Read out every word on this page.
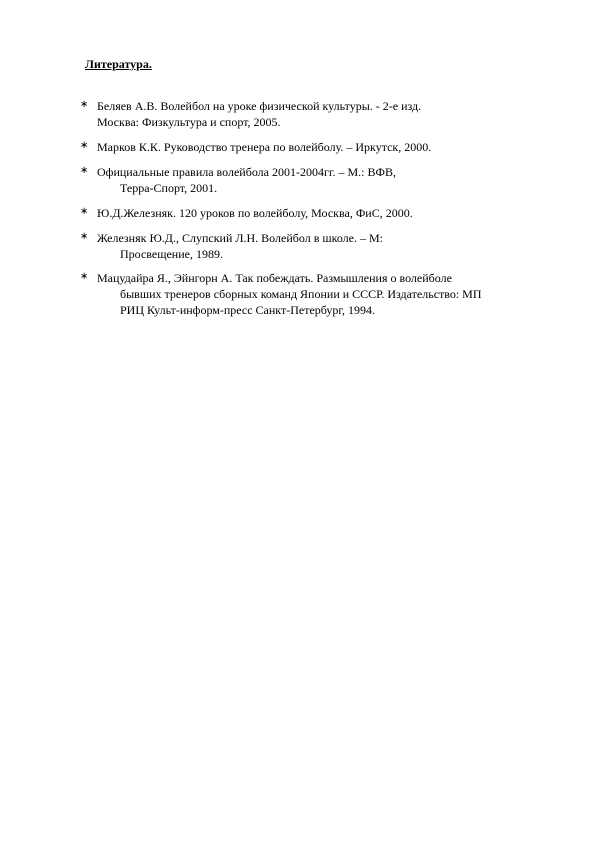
Литература.
∗ Беляев А.В. Волейбол на уроке физической культуры. - 2-е изд.
Москва: Физкультура и спорт, 2005.
∗ Марков К.К. Руководство тренера по волейболу. – Иркутск, 2000.
∗ Официальные правила волейбола 2001-2004гг. – М.: ВФВ,
Терра-Спорт, 2001.
∗ Ю.Д.Железняк. 120 уроков по волейболу, Москва, ФиС, 2000.
∗ Железняк Ю.Д., Слупский Л.Н. Волейбол в школе. – М:
Просвещение, 1989.
∗ Мацудайра Я., Эйнгорн А. Так побеждать. Размышления о волейболе
бывших тренеров сборных команд Японии и СССР. Издательство: МП
РИЦ Культ-информ-пресс Санкт-Петербург, 1994.
